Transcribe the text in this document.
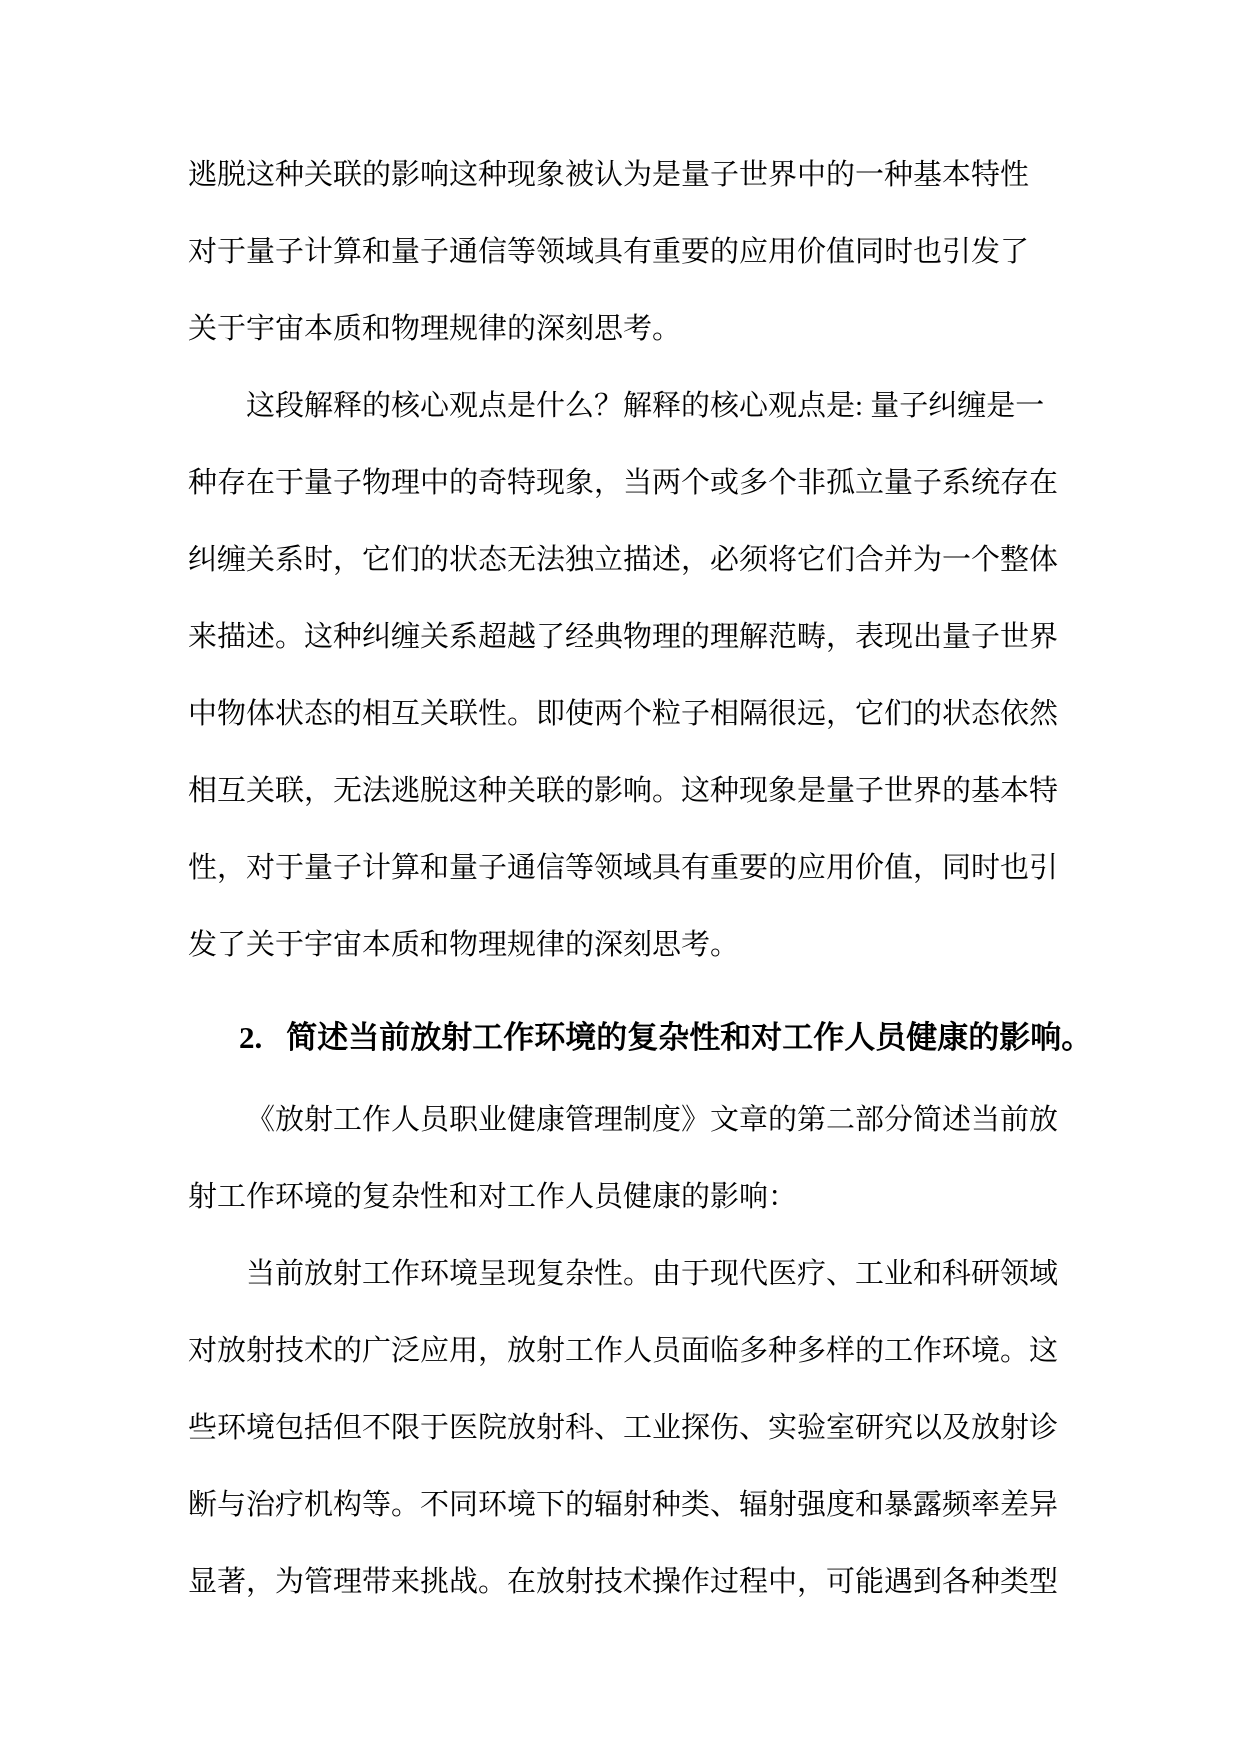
逃脱这种关联的影响这种现象被认为是量子世界中的一种基本特性
对于量子计算和量子通信等领域具有重要的应用价值同时也引发了
关于宇宙本质和物理规律的深刻思考。
这段解释的核心观点是什么？解释的核心观点是: 量子纠缠是一
种存在于量子物理中的奇特现象，当两个或多个非孤立量子系统存在
纠缠关系时，它们的状态无法独立描述，必须将它们合并为一个整体
来描述。这种纠缠关系超越了经典物理的理解范畴，表现出量子世界
中物体状态的相互关联性。即使两个粒子相隔很远，它们的状态依然
相互关联，无法逃脱这种关联的影响。这种现象是量子世界的基本特
性，对于量子计算和量子通信等领域具有重要的应用价值，同时也引
发了关于宇宙本质和物理规律的深刻思考。
2. 简述当前放射工作环境的复杂性和对工作人员健康的影响。
《放射工作人员职业健康管理制度》文章的第二部分简述当前放
射工作环境的复杂性和对工作人员健康的影响：
当前放射工作环境呈现复杂性。由于现代医疗、工业和科研领域
对放射技术的广泛应用，放射工作人员面临多种多样的工作环境。这
些环境包括但不限于医院放射科、工业探伤、实验室研究以及放射诊
断与治疗机构等。不同环境下的辐射种类、辐射强度和暴露频率差异
显著，为管理带来挑战。在放射技术操作过程中，可能遇到各种类型
